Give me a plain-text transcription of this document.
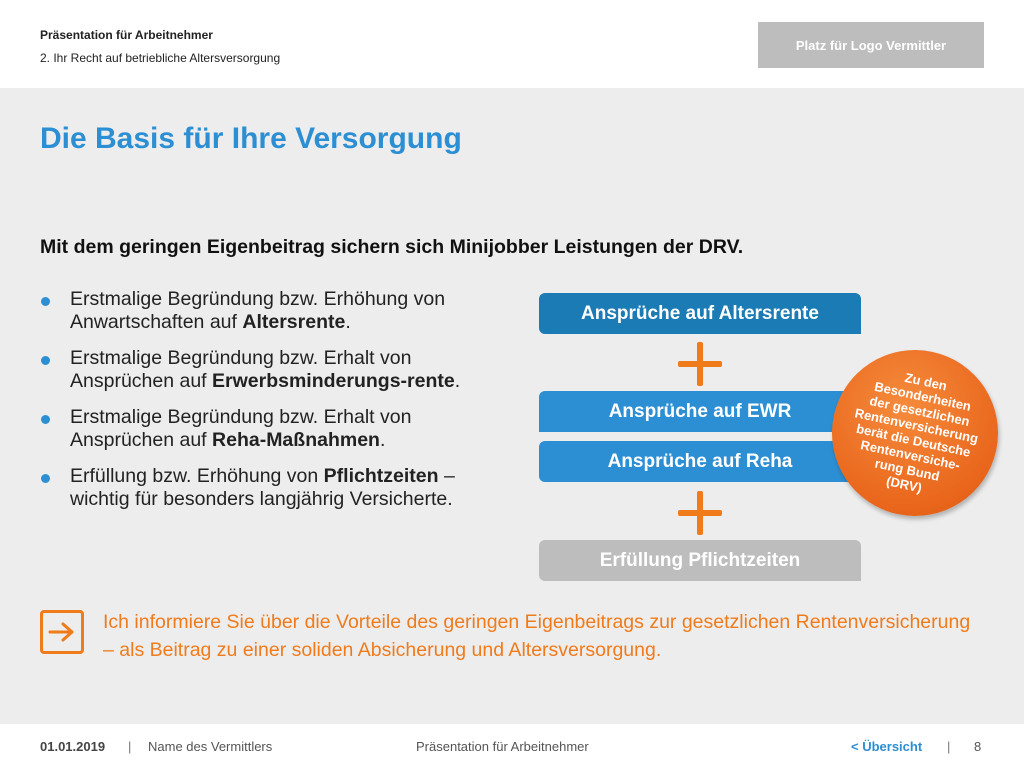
Präsentation für Arbeitnehmer
2. Ihr Recht auf betriebliche Altersversorgung
Platz für Logo Vermittler
Die Basis für Ihre Versorgung
Mit dem geringen Eigenbeitrag sichern sich Minijobber Leistungen der DRV.
Erstmalige Begründung bzw. Erhöhung von Anwartschaften auf Altersrente.
Erstmalige Begründung bzw. Erhalt von Ansprüchen auf Erwerbsminderungs-rente.
Erstmalige Begründung bzw. Erhalt von Ansprüchen auf Reha-Maßnahmen.
Erfüllung bzw. Erhöhung von Pflichtzeiten – wichtig für besonders langjährig Versicherte.
Ansprüche auf Altersrente
Ansprüche auf EWR
Ansprüche auf Reha
Erfüllung Pflichtzeiten
Zu den
Besonderheiten
der gesetzlichen
Rentenversicherung
berät die Deutsche
Rentenversiche-
rung Bund
(DRV)
Ich informiere Sie über die Vorteile des geringen Eigenbeitrags zur gesetzlichen Rentenversicherung – als Beitrag zu einer soliden Absicherung und Altersversorgung.
01.01.2019 | Name des Vermittlers	Präsentation für Arbeitnehmer	< Übersicht | 8
